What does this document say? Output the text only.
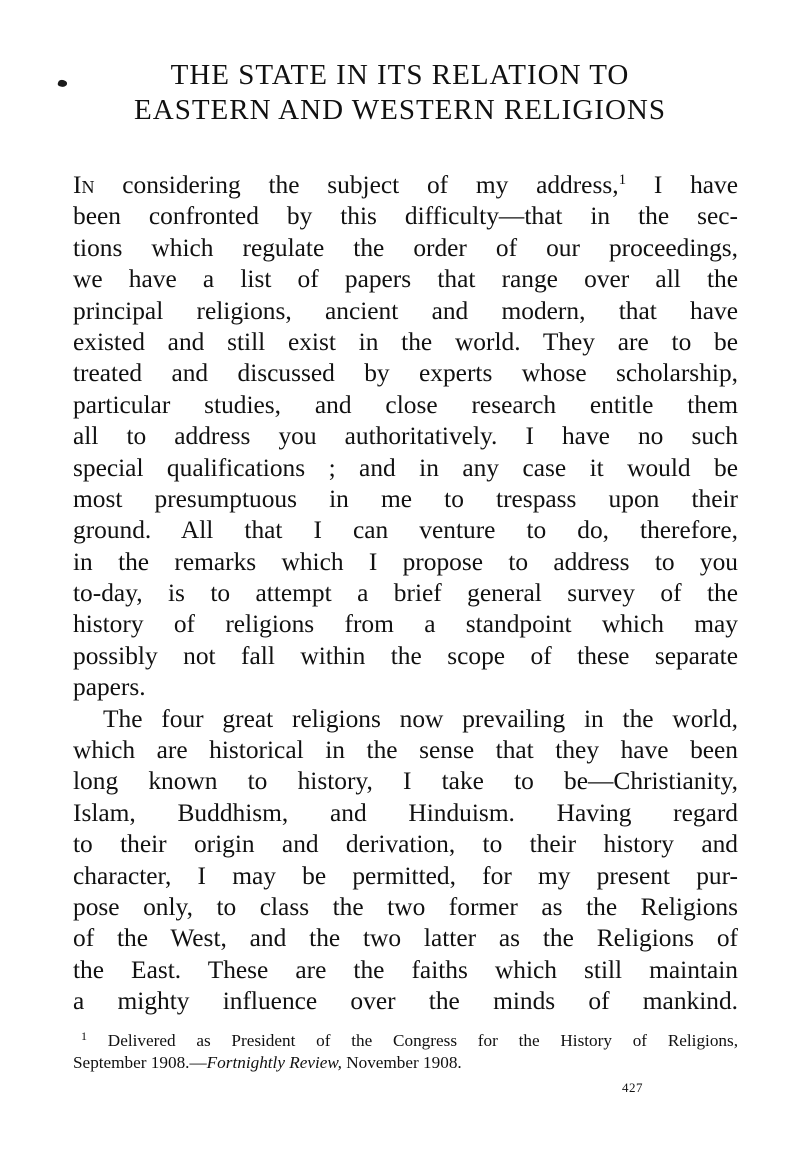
THE STATE IN ITS RELATION TO
EASTERN AND WESTERN RELIGIONS
In considering the subject of my address,$^1$ I have
been confronted by this difficulty—that in the sec-
tions which regulate the order of our proceedings,
we have a list of papers that range over all the
principal religions, ancient and modern, that have
existed and still exist in the world. They are to be
treated and discussed by experts whose scholarship,
particular studies, and close research entitle them
all to address you authoritatively. I have no such
special qualifications ; and in any case it would be
most presumptuous in me to trespass upon their
ground. All that I can venture to do, therefore,
in the remarks which I propose to address to you
to-day, is to attempt a brief general survey of the
history of religions from a standpoint which may
possibly not fall within the scope of these separate
papers.
The four great religions now prevailing in the world,
which are historical in the sense that they have been
long known to history, I take to be—Christianity,
Islam, Buddhism, and Hinduism. Having regard
to their origin and derivation, to their history and
character, I may be permitted, for my present pur-
pose only, to class the two former as the Religions
of the West, and the two latter as the Religions of
the East. These are the faiths which still maintain
a mighty influence over the minds of mankind.
$^1$ Delivered as President of the Congress for the History of Religions,
September 1908.—Fortnightly Review, November 1908.
427
